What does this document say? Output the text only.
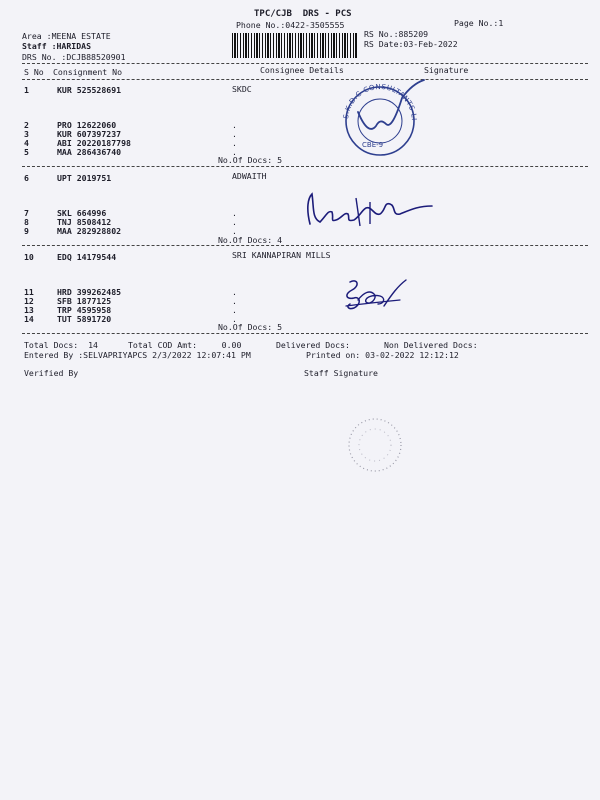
TPC/CJB  DRS - PCS
Phone No.:0422-3505555	Page No.:1
Area :MEENA ESTATE
Staff :HARIDAS
DRS No. :DCJB88520901
RS No.:885209
RS Date:03-Feb-2022
S No Consignment No	Consignee Details	Signature
1	KUR 525528691	SKDC
2	PRO 12622060	.
3	KUR 607397237	.
4	ABI 20220187798	.
5	MAA 286436740	.
No.Of Docs: 5
6	UPT 2019751	ADWAITH
7	SKL 664996	.
8	TNJ 8508412	.
9	MAA 282928802	.
No.Of Docs: 4
10	EDQ 14179544	SRI KANNAPIRAN MILLS
11	HRD 399262485	.
12	SFB 1877125	.
13	TRP 4595958	.
14	TUT 5891720	.
No.Of Docs: 5
Total Docs:  14	Total COD Amt:     0.00	Delivered Docs:	Non Delivered Docs:
Entered By :SELVAPRIYAPCS 2/3/2022 12:07:41 PM	Printed on: 03-02-2022 12:12:12
Verified By	Staff Signature
S.K.D.C CONSULTANTS LIMITED
CBE-9
